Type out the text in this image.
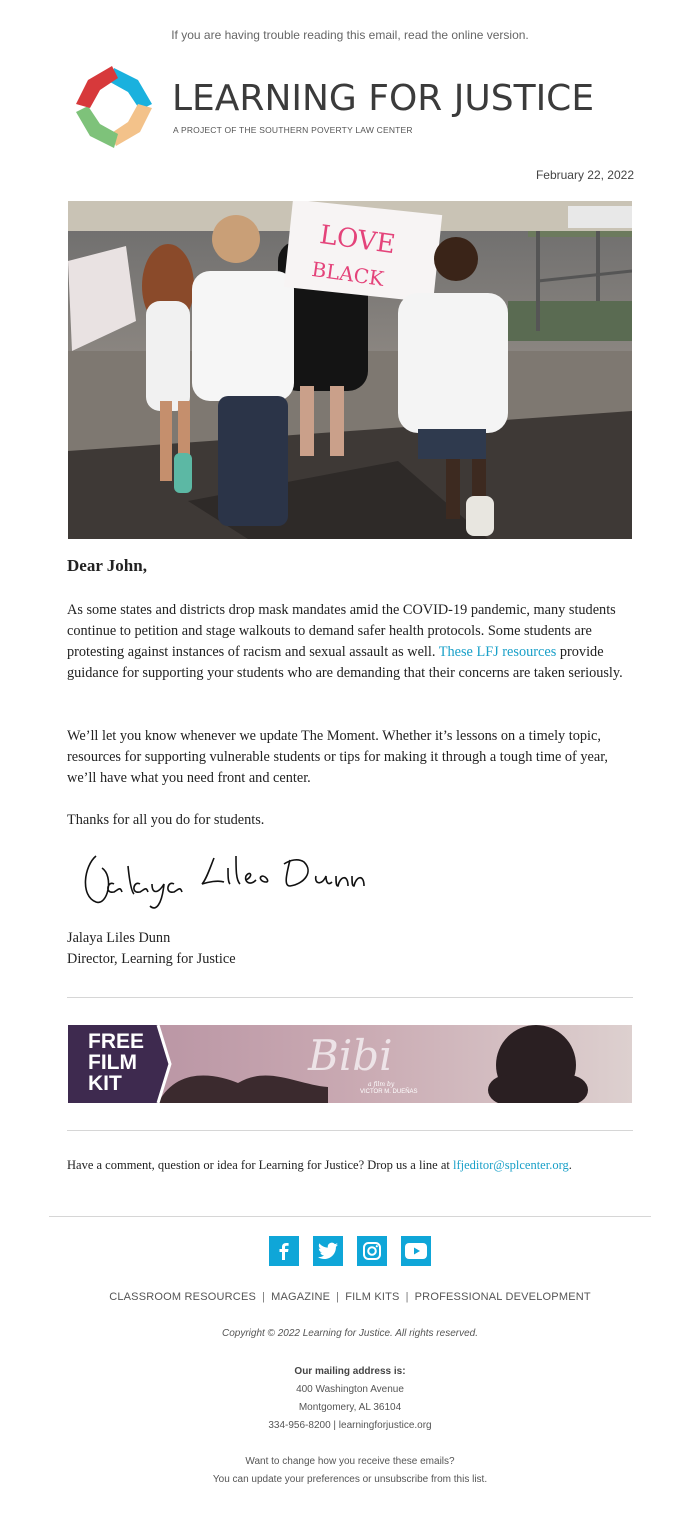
If you are having trouble reading this email, read the online version.
LEARNING FOR JUSTICE
A PROJECT OF THE SOUTHERN POVERTY LAW CENTER
February 22, 2022
LOVE
BLACK
Dear John,
As some states and districts drop mask mandates amid the COVID-19 pandemic, many students continue to petition and stage walkouts to demand safer health protocols. Some students are protesting against instances of racism and sexual assault as well. These LFJ resources provide guidance for supporting your students who are demanding that their concerns are taken seriously.
We’ll let you know whenever we update The Moment. Whether it’s lessons on a timely topic, resources for supporting vulnerable students or tips for making it through a tough time of year, we’ll have what you need front and center.
Thanks for all you do for students.
Jalaya Liles Dunn
Director, Learning for Justice
FREE
FILM
KIT
Bibi
a film by
VICTOR M. DUEÑAS
Have a comment, question or idea for Learning for Justice? Drop us a line at lfjeditor@splcenter.org.
CLASSROOM RESOURCES | MAGAZINE | FILM KITS | PROFESSIONAL DEVELOPMENT
Copyright © 2022 Learning for Justice. All rights reserved.
Our mailing address is:
400 Washington Avenue
Montgomery, AL 36104
334-956-8200 | learningforjustice.org
Want to change how you receive these emails?
You can update your preferences or unsubscribe from this list.
